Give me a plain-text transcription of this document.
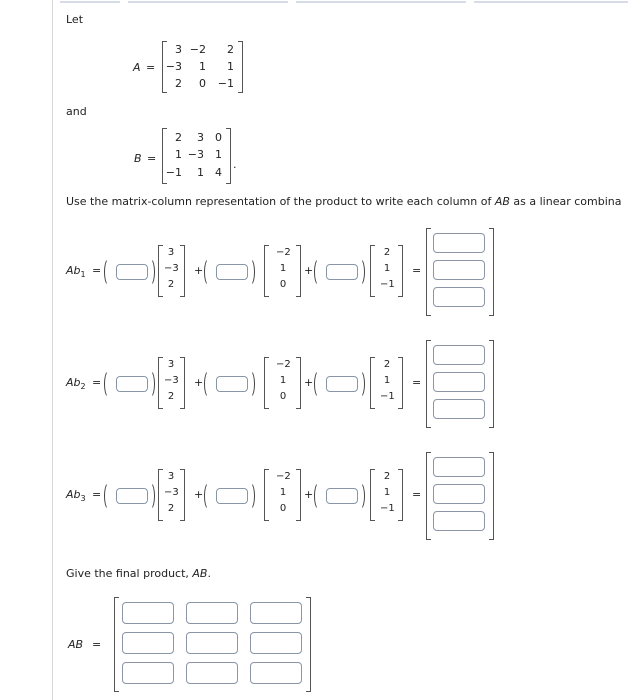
Let
A =
3 −2	2
−3	1	1
2	0	−1
and
B =
2	3	0
1 −3	1
−1	1	4
.
Use the matrix-column representation of the product to write each column of AB as a linear combina
$Ab_1$ =
3
−3
2
+
−2
1
0
+
2
1
−1
=
$Ab_2$ =
3
−3
2
+
−2
1
0
+
2
1
−1
=
$Ab_3$ =
3
−3
2
+
−2
1
0
+
2
1
−1
=
Give the final product, AB.
AB =
